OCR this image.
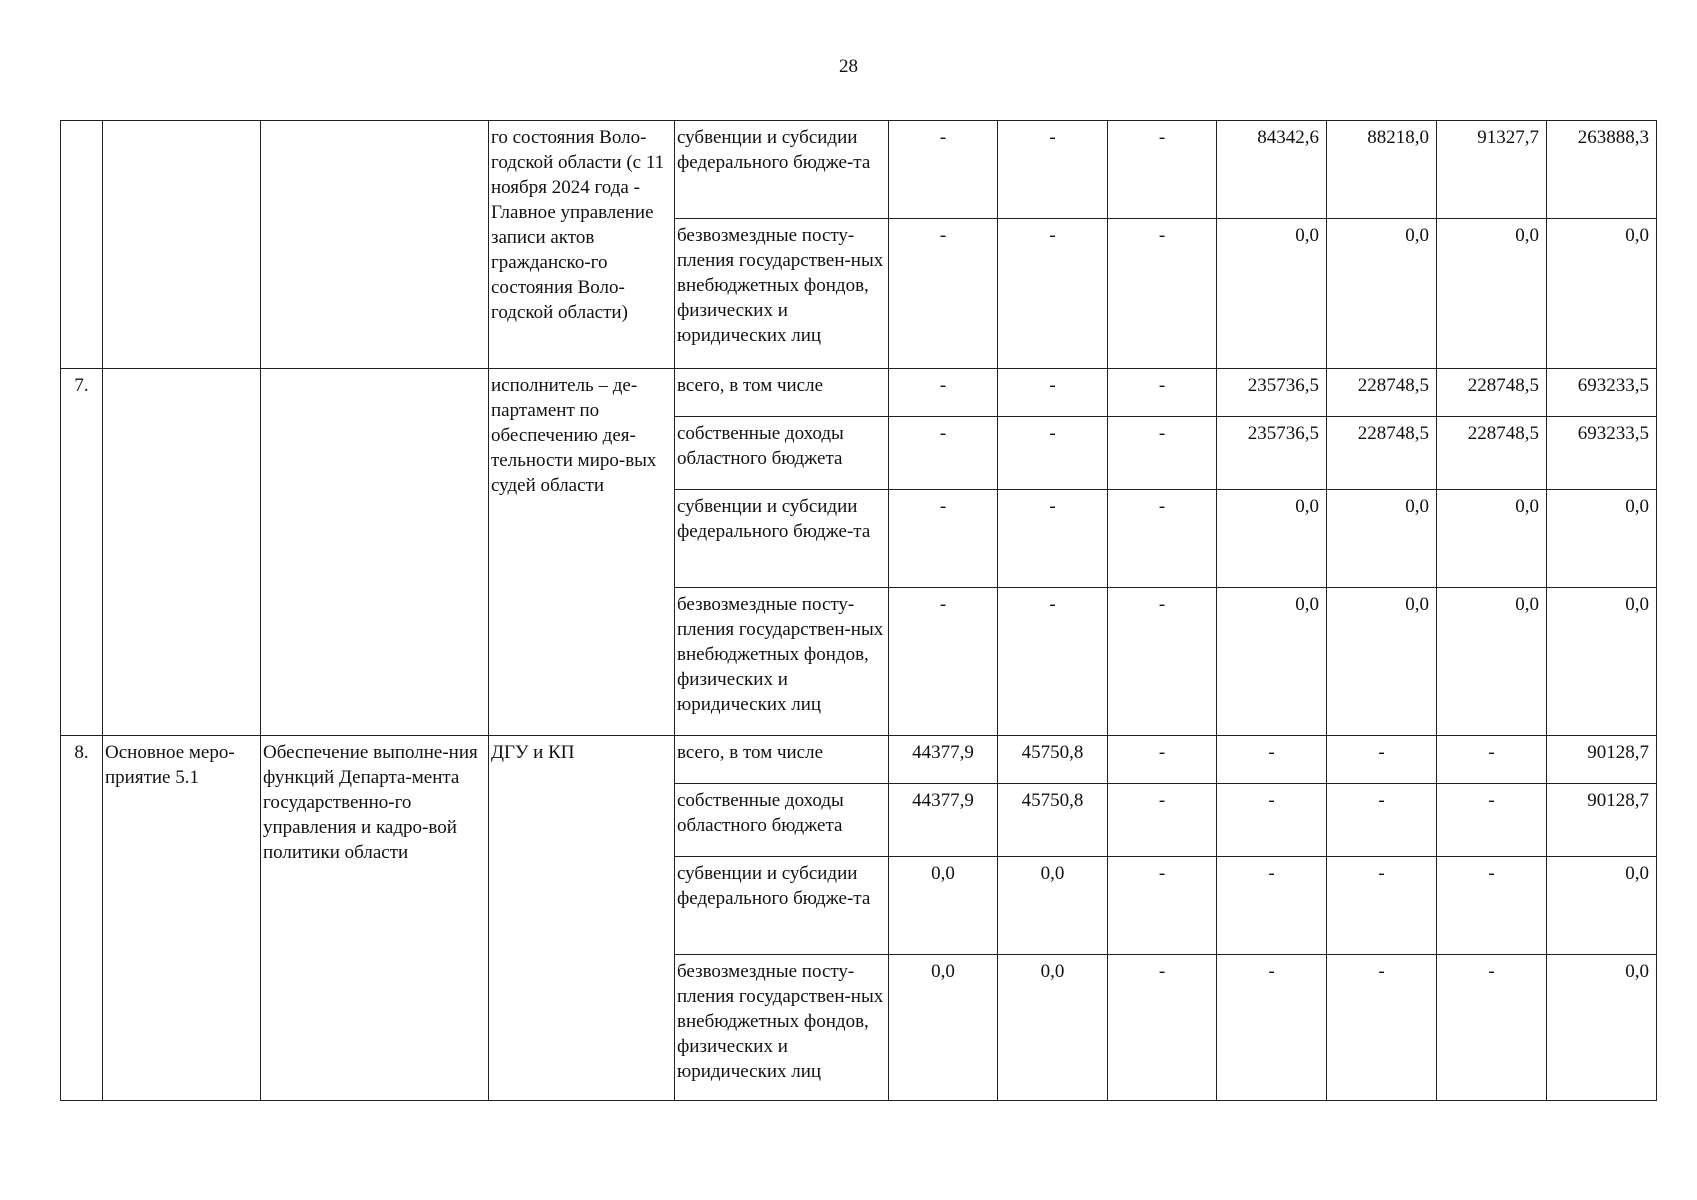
28
			го состояния Воло-годской области (с 11 ноября 2024 года - Главное управление записи актов гражданско-го состояния Воло-годской области)	субвенции и субсидии федерального бюдже-та	-	-	-	84342,6	88218,0	91327,7	263888,3
				безвозмездные посту-пления государствен-ных внебюджетных фондов, физических и юридических лиц	-	-	-	0,0	0,0	0,0	0,0
7.			исполнитель – де-партамент по обеспечению дея-тельности миро-вых судей области	всего, в том числе	-	-	-	235736,5	228748,5	228748,5	693233,5
				собственные доходы областного бюджета	-	-	-	235736,5	228748,5	228748,5	693233,5
				субвенции и субсидии федерального бюдже-та	-	-	-	0,0	0,0	0,0	0,0
				безвозмездные посту-пления государствен-ных внебюджетных фондов, физических и юридических лиц	-	-	-	0,0	0,0	0,0	0,0
8.	Основное меро-приятие 5.1	Обеспечение выполне-ния функций Департа-мента государственно-го управления и кадро-вой политики области	ДГУ и КП	всего, в том числе	44377,9	45750,8	-	-	-	-	90128,7
				собственные доходы областного бюджета	44377,9	45750,8	-	-	-	-	90128,7
				субвенции и субсидии федерального бюдже-та	0,0	0,0	-	-	-	-	0,0
				безвозмездные посту-пления государствен-ных внебюджетных фондов, физических и юридических лиц	0,0	0,0	-	-	-	-	0,0
